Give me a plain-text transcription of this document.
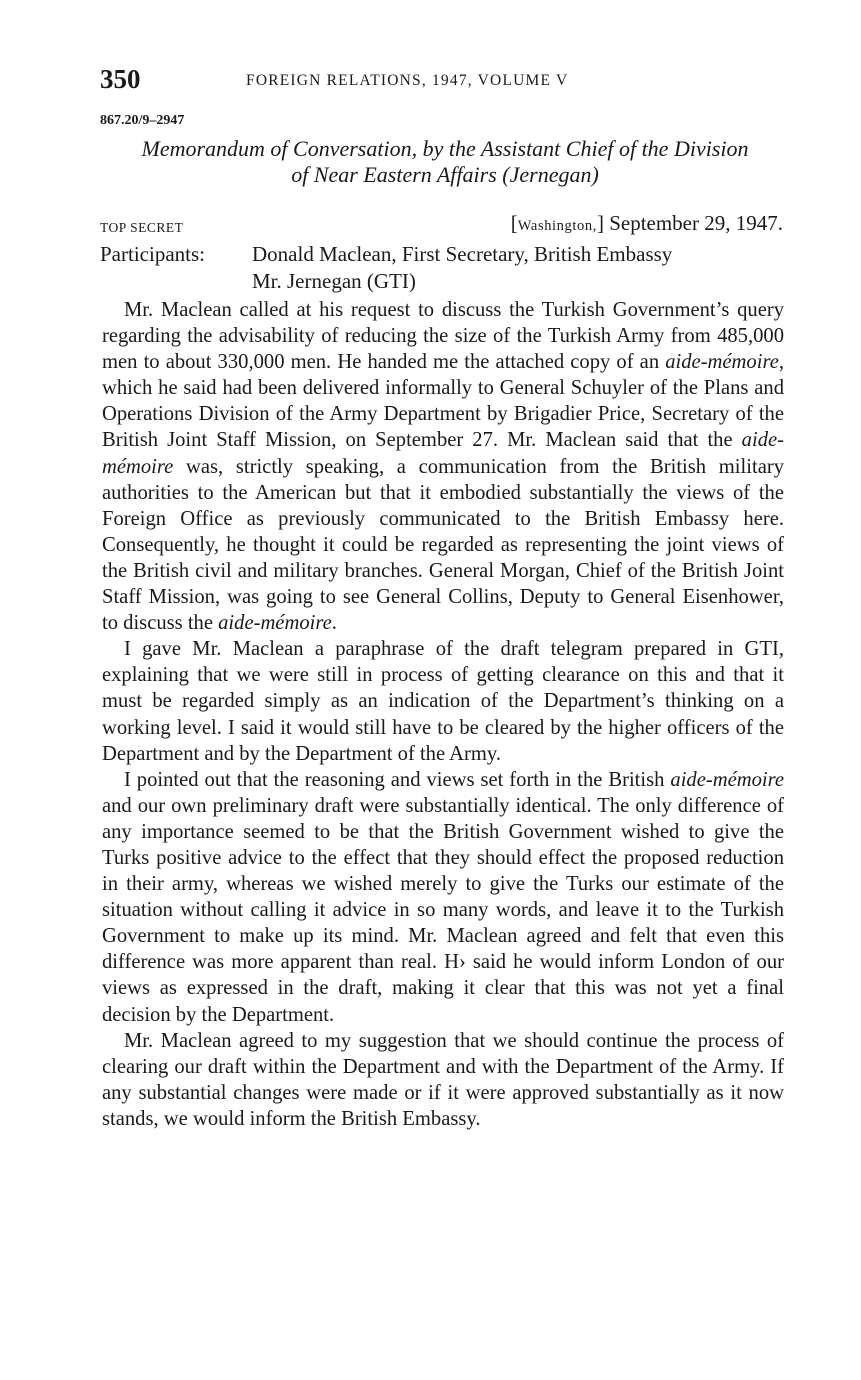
350	FOREIGN RELATIONS, 1947, VOLUME V
867.20/9–2947
Memorandum of Conversation, by the Assistant Chief of the Division
of Near Eastern Affairs (Jernegan)
TOP SECRET	[Washington,] September 29, 1947.
Participants: Donald Maclean, First Secretary, British Embassy
Mr. Jernegan (GTI)

Mr. Maclean called at his request to discuss the Turkish Government’s query regarding the advisability of reducing the size of the Turkish Army from 485,000 men to about 330,000 men. He handed me the attached copy of an aide-mémoire, which he said had been delivered informally to General Schuyler of the Plans and Operations Division of the Army Department by Brigadier Price, Secretary of the British Joint Staff Mission, on September 27. Mr. Maclean said that the aide-mémoire was, strictly speaking, a communication from the British military authorities to the American but that it embodied substantially the views of the Foreign Office as previously communicated to the British Embassy here. Consequently, he thought it could be regarded as representing the joint views of the British civil and military branches. General Morgan, Chief of the British Joint Staff Mission, was going to see General Collins, Deputy to General Eisenhower, to discuss the aide-mémoire.

I gave Mr. Maclean a paraphrase of the draft telegram prepared in GTI, explaining that we were still in process of getting clearance on this and that it must be regarded simply as an indication of the Department’s thinking on a working level. I said it would still have to be cleared by the higher officers of the Department and by the Department of the Army.

I pointed out that the reasoning and views set forth in the British aide-mémoire and our own preliminary draft were substantially identical. The only difference of any importance seemed to be that the British Government wished to give the Turks positive advice to the effect that they should effect the proposed reduction in their army, whereas we wished merely to give the Turks our estimate of the situation without calling it advice in so many words, and leave it to the Turkish Government to make up its mind. Mr. Maclean agreed and felt that even this difference was more apparent than real. H› said he would inform London of our views as expressed in the draft, making it clear that this was not yet a final decision by the Department.

Mr. Maclean agreed to my suggestion that we should continue the process of clearing our draft within the Department and with the Department of the Army. If any substantial changes were made or if it were approved substantially as it now stands, we would inform the British Embassy.
